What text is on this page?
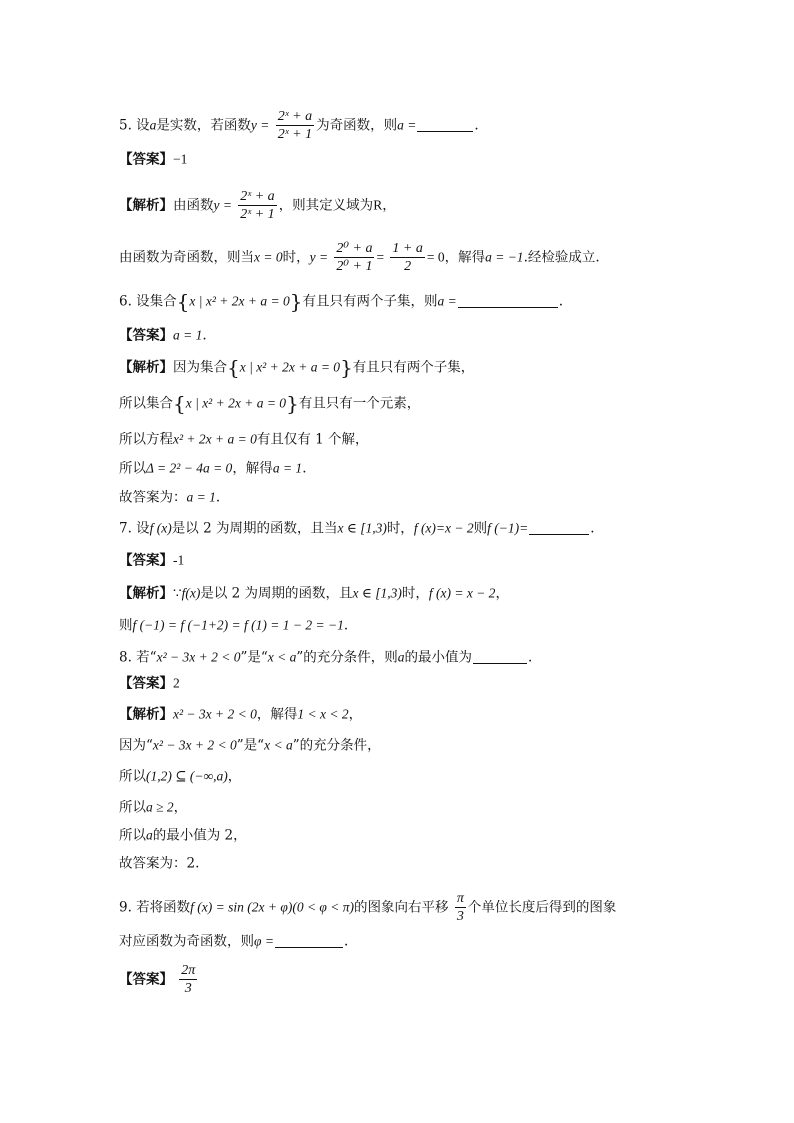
5. 设a是实数，若函数$y = \frac{\text{2ˣ + a}}{\text{2ˣ + 1}}$ 为奇函数，则a =	.
【答案】−1
【解析】由函数$y = \frac{\text{2ˣ + a}}{\text{2ˣ + 1}}$ ，则其定义域为R，
由函数为奇函数，则当x = 0时，$y = \frac{\text{2⁰ + a}}{\text{2⁰ + 1}} = \frac{1 + a}{2} = 0$，解得a = −1.经检验成立.
6. 设集合{x | x² + 2x + a = 0}有且只有两个子集，则a =	.
【答案】a = 1.
【解析】因为集合{x | x² + 2x + a = 0}有且只有两个子集，
所以集合{x | x² + 2x + a = 0}有且只有一个元素，
所以方程x² + 2x + a = 0有且仅有 1 个解，
所以Δ = 2² − 4a = 0，解得a = 1.
故答案为：a = 1.
7. 设f (x)是以 2 为周期的函数，且当x ∈ [1,3)时，f (x)=x − 2则f (−1)=	.
【答案】-1
【解析】∵f(x)是以 2 为周期的函数，且x ∈ [1,3)时，f (x) = x − 2，
则f (−1) = f (−1+2) = f (1) = 1 − 2 = −1.
8. 若“x² − 3x + 2 < 0”是“x < a”的充分条件，则a的最小值为	.
【答案】2
【解析】x² − 3x + 2 < 0，解得1 < x < 2，
因为“x² − 3x + 2 < 0”是“x < a”的充分条件，
所以(1,2) ⊆ (−∞,a)，
所以a ≥ 2，
所以a的最小值为 2，
故答案为：2.
9. 若将函数f (x) = sin (2x + φ)(0 < φ < π)的图象向右平移 $\frac{\pi}{3}$ 个单位长度后得到的图象
对应函数为奇函数，则φ =	.
【答案】 $\frac{2\pi}{3}$
